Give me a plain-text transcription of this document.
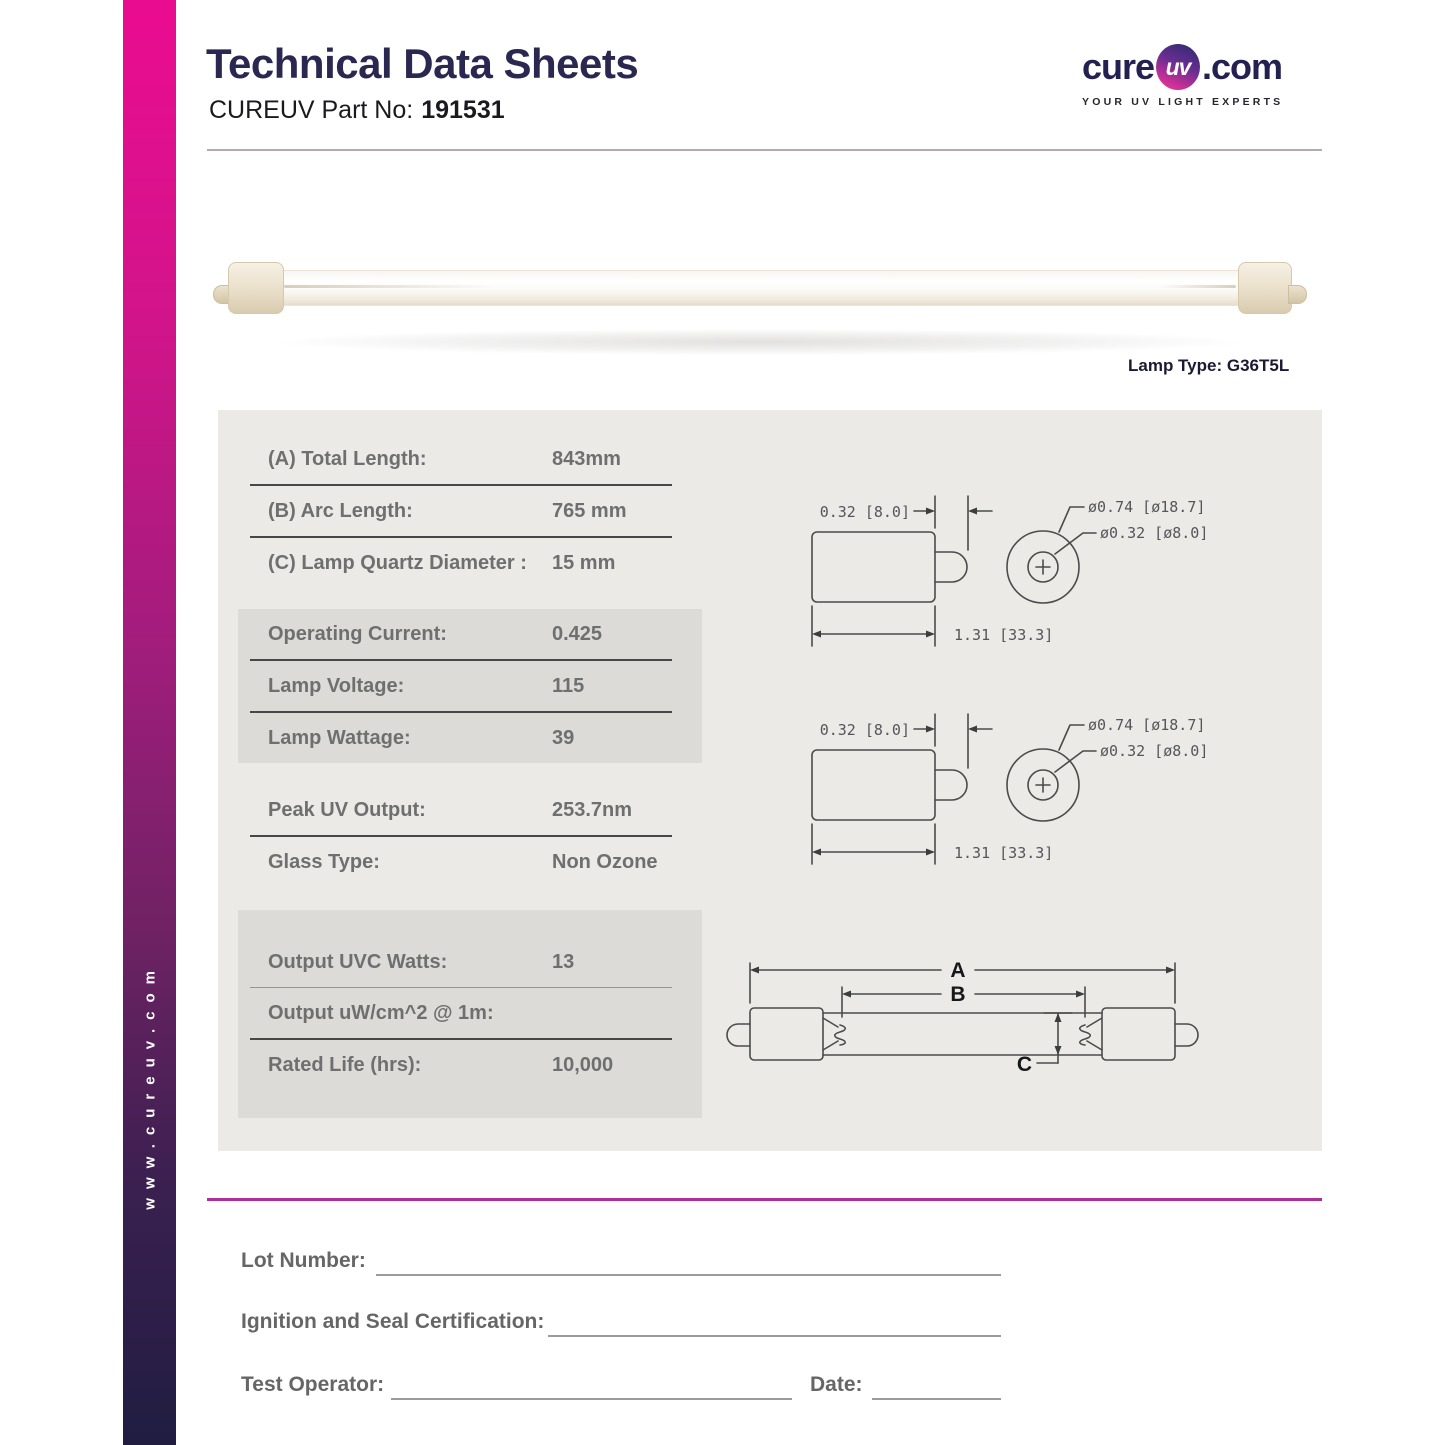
www.cureuv.com
Technical Data Sheets

CUREUV Part No: 191531

cure uv .com
YOUR UV LIGHT EXPERTS
Lamp Type: G36T5L
(A) Total Length:	843mm
(B) Arc Length:	765 mm
(C) Lamp Quartz Diameter :	15 mm
Operating Current:	0.425
Lamp Voltage:	115
Lamp Wattage:	39
Peak UV Output:	253.7nm
Glass Type:	Non Ozone
Output UVC Watts:	13
Output uW/cm^2 @ 1m:
Rated Life (hrs):	10,000
0.32 [8.0]
1.31 [33.3]
ø0.74 [ø18.7]
ø0.32 [ø8.0]
0.32 [8.0]
1.31 [33.3]
ø0.74 [ø18.7]
ø0.32 [ø8.0]
A
B
C
Lot Number:
Ignition and Seal Certification:
Test Operator:	Date:
